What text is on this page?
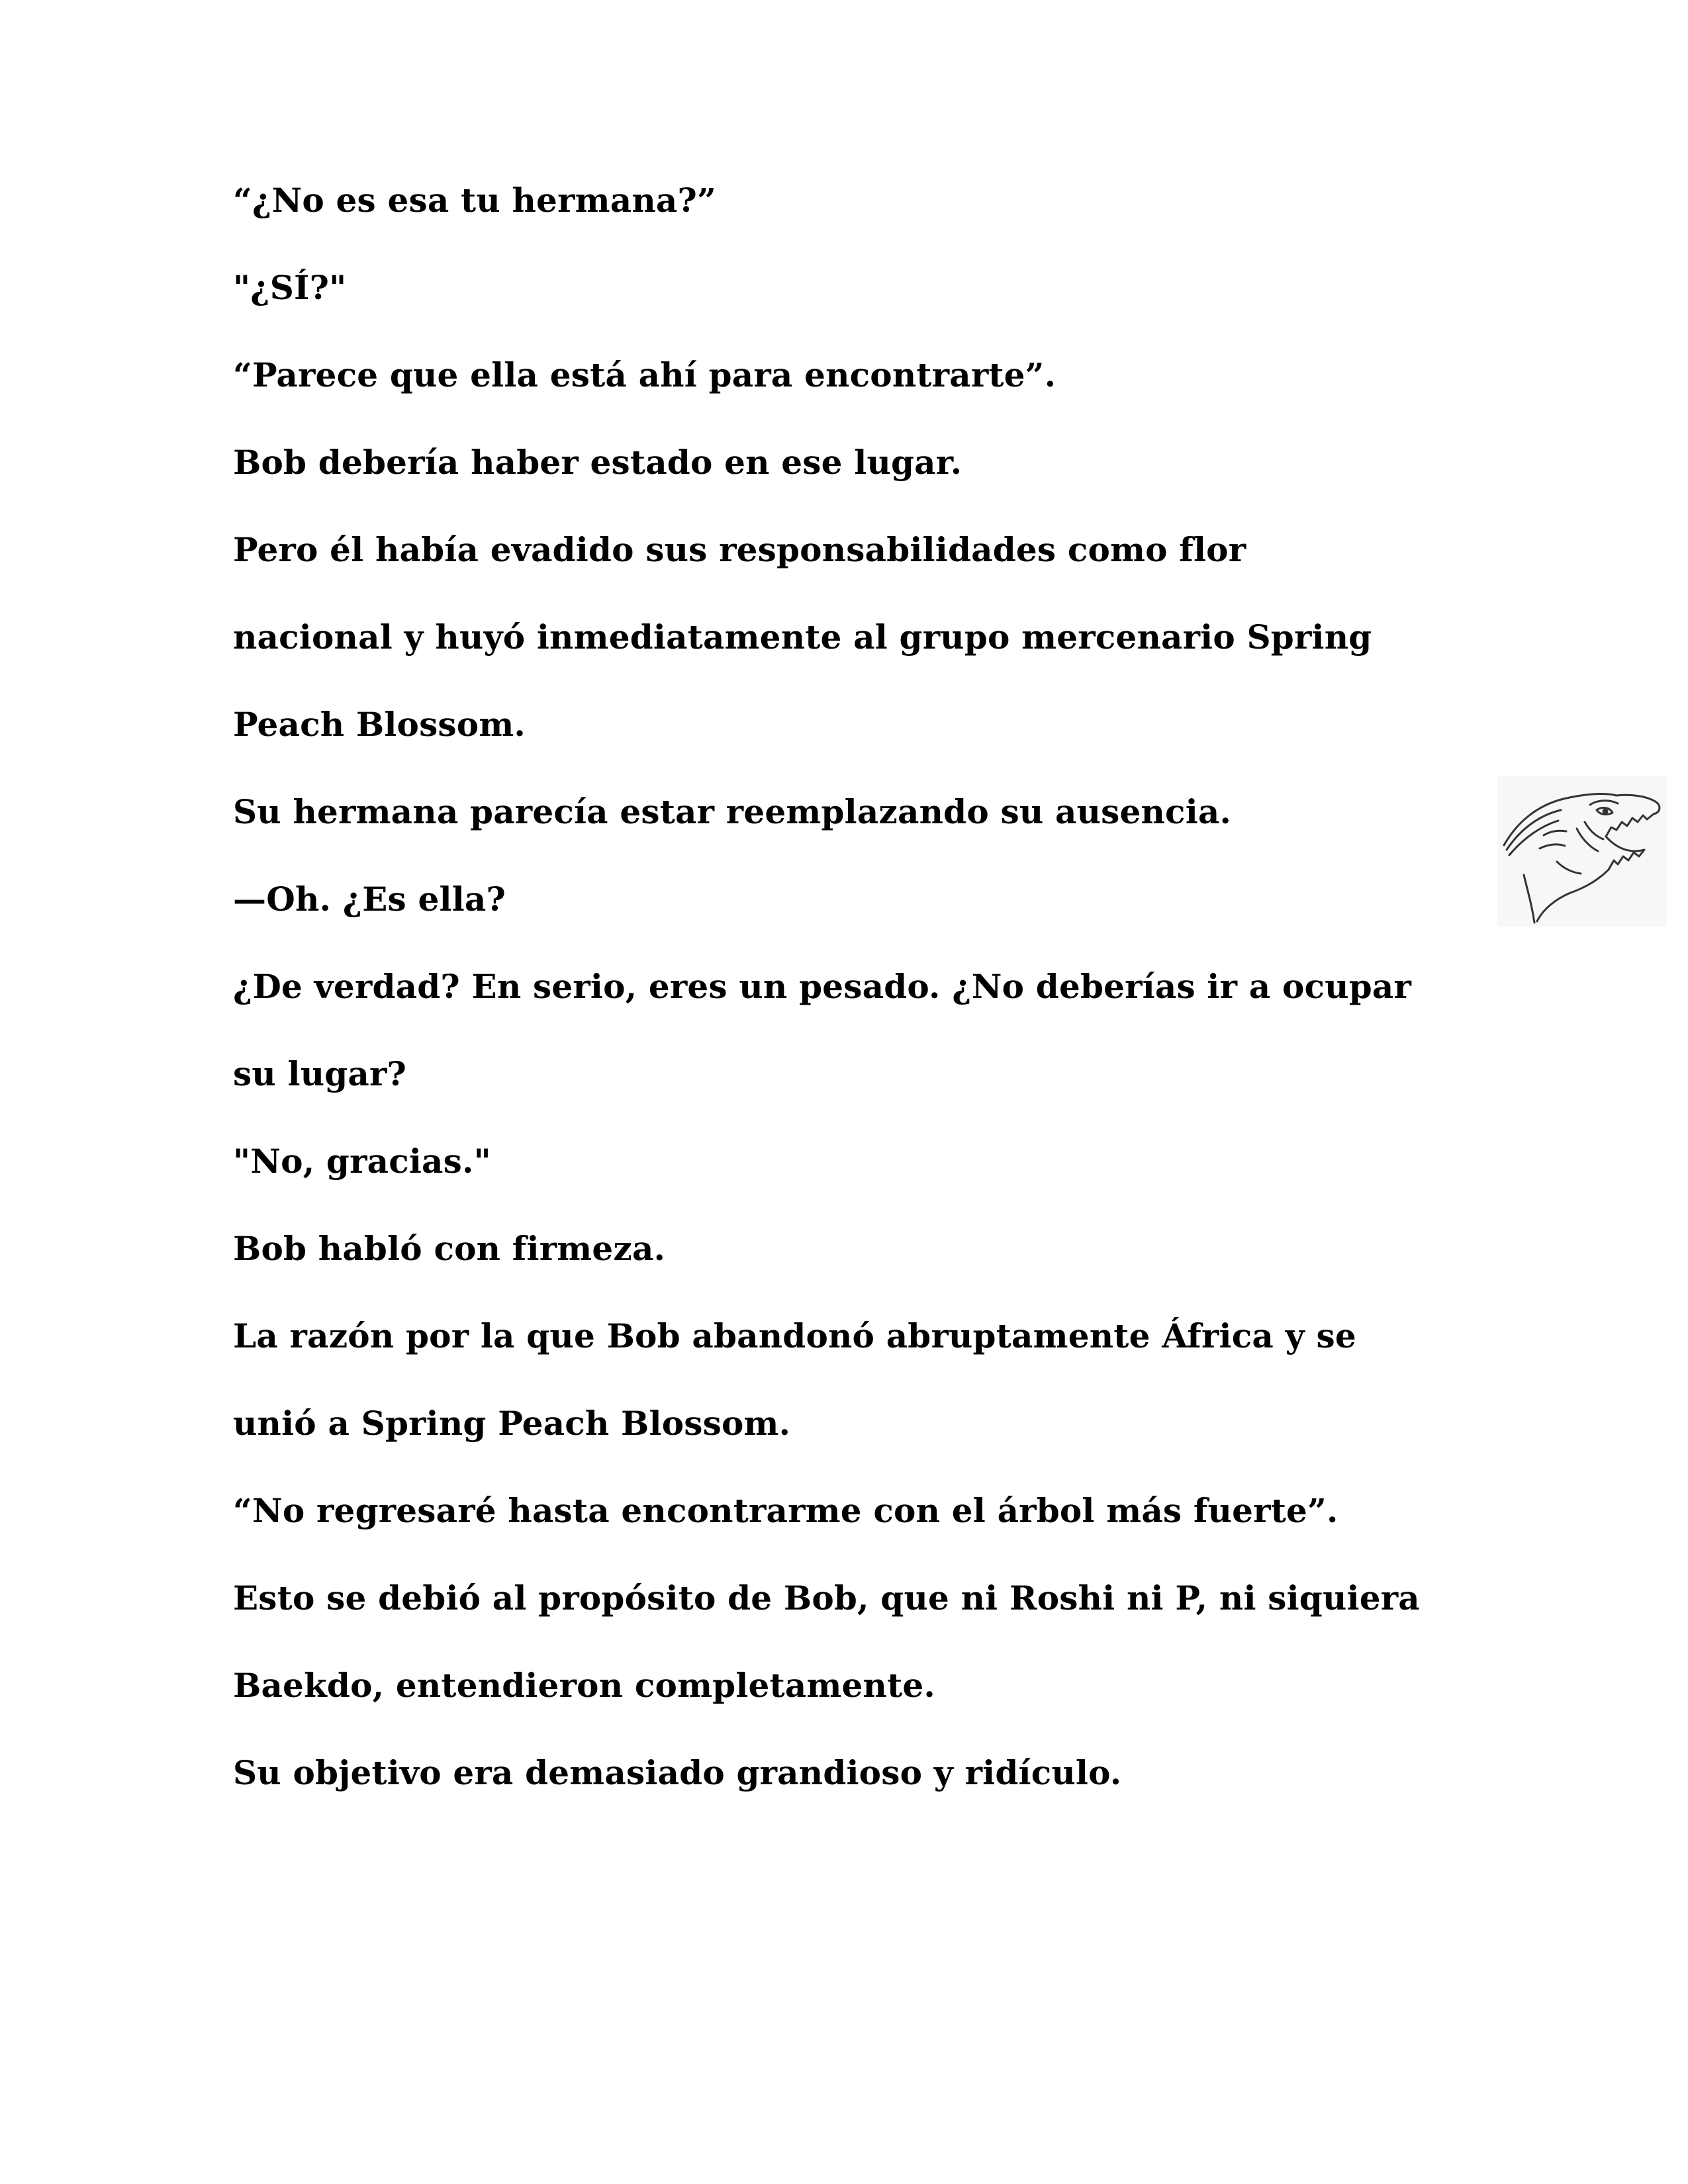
“¿No es esa tu hermana?”
"¿SÍ?"
“Parece que ella está ahí para encontrarte”.
Bob debería haber estado en ese lugar.
Pero él había evadido sus responsabilidades como flor
nacional y huyó inmediatamente al grupo mercenario Spring
Peach Blossom.
Su hermana parecía estar reemplazando su ausencia.
—Oh. ¿Es ella?
¿De verdad? En serio, eres un pesado. ¿No deberías ir a ocupar
su lugar?
"No, gracias."
Bob habló con firmeza.
La razón por la que Bob abandonó abruptamente África y se
unió a Spring Peach Blossom.
“No regresaré hasta encontrarme con el árbol más fuerte”.
Esto se debió al propósito de Bob, que ni Roshi ni P, ni siquiera
Baekdo, entendieron completamente.
Su objetivo era demasiado grandioso y ridículo.
